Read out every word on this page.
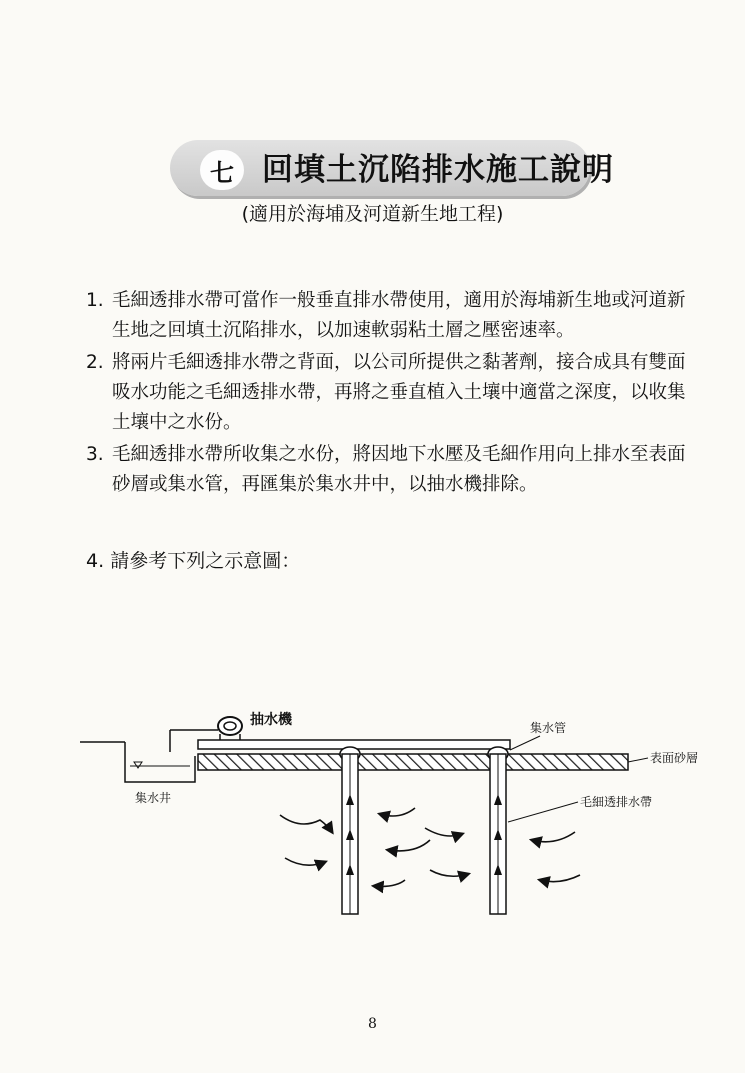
七 回填土沉陷排水施工說明
(適用於海埔及河道新生地工程)
1. 毛細透排水帶可當作一般垂直排水帶使用，適用於海埔新生地或河道新生地之回填土沉陷排水，以加速軟弱粘土層之壓密速率。
2. 將兩片毛細透排水帶之背面，以公司所提供之黏著劑，接合成具有雙面吸水功能之毛細透排水帶，再將之垂直植入土壤中適當之深度，以收集土壤中之水份。
3. 毛細透排水帶所收集之水份，將因地下水壓及毛細作用向上排水至表面砂層或集水管，再匯集於集水井中，以抽水機排除。
4. 請參考下列之示意圖：
集水井
抽水機	集水管
表面砂層
毛細透排水帶
8
